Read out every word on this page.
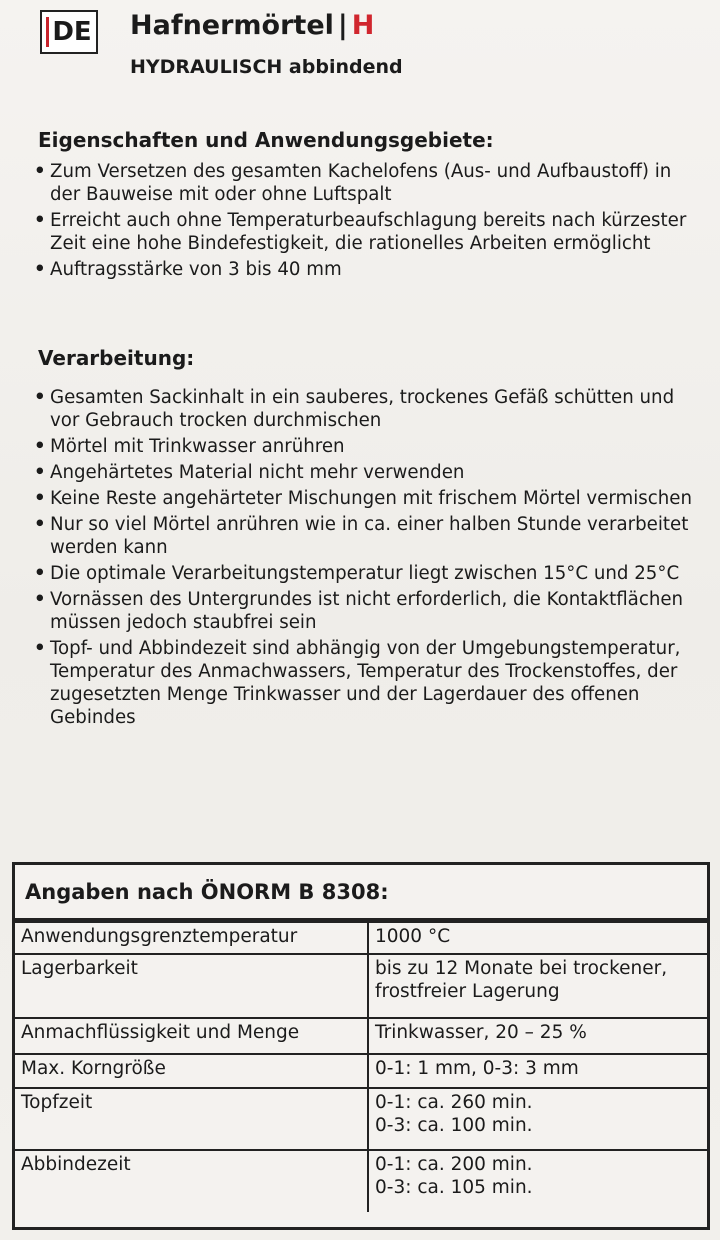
DE Hafnermörtel | H
HYDRAULISCH abbindend
Eigenschaften und Anwendungsgebiete:
• Zum Versetzen des gesamten Kachelofens (Aus- und Aufbaustoff) in der Bauweise mit oder ohne Luftspalt
• Erreicht auch ohne Temperaturbeaufschlagung bereits nach kürzester Zeit eine hohe Bindefestigkeit, die rationelles Arbeiten ermöglicht
• Auftragsstärke von 3 bis 40 mm
Verarbeitung:
• Gesamten Sackinhalt in ein sauberes, trockenes Gefäß schütten und vor Gebrauch trocken durchmischen
• Mörtel mit Trinkwasser anrühren
• Angehärtetes Material nicht mehr verwenden
• Keine Reste angehärteter Mischungen mit frischem Mörtel vermischen
• Nur so viel Mörtel anrühren wie in ca. einer halben Stunde verarbeitet werden kann
• Die optimale Verarbeitungstemperatur liegt zwischen 15°C und 25°C
• Vornässen des Untergrundes ist nicht erforderlich, die Kontaktflächen müssen jedoch staubfrei sein
• Topf- und Abbindezeit sind abhängig von der Umgebungstemperatur, Temperatur des Anmachwassers, Temperatur des Trockenstoffes, der zugesetzten Menge Trinkwasser und der Lagerdauer des offenen Gebindes
Angaben nach ÖNORM B 8308:
Anwendungsgrenztemperatur	1000 °C

Lagerbarkeit	bis zu 12 Monate bei trockener,
frostfreier Lagerung

Anmachflüssigkeit und Menge	Trinkwasser, 20 – 25 %

Max. Korngröße	0-1: 1 mm, 0-3: 3 mm

Topfzeit	0-1: ca. 260 min.
0-3: ca. 100 min.

Abbindezeit	0-1: ca. 200 min.
0-3: ca. 105 min.
